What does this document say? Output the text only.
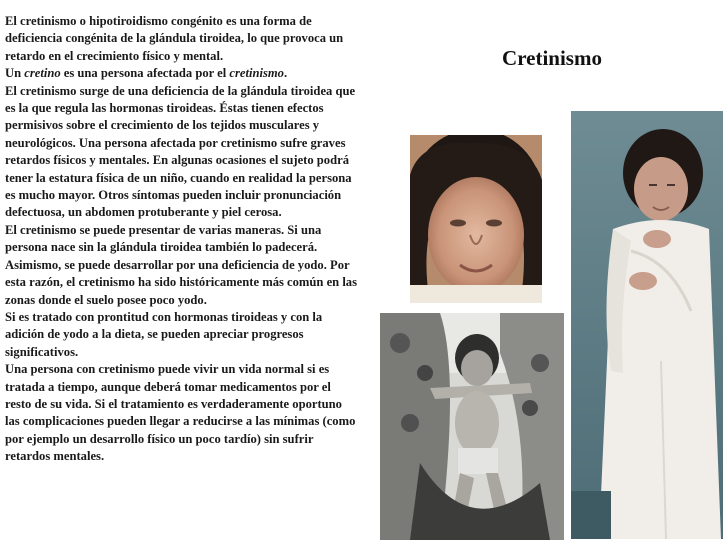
El cretinismo o hipotiroidismo congénito es una forma de deficiencia congénita de la glándula tiroidea, lo que provoca un retardo en el crecimiento físico y mental.

Un cretino es una persona afectada por el cretinismo.

El cretinismo surge de una deficiencia de la glándula tiroidea que es la que regula las hormonas tiroideas. Éstas tienen efectos permisivos sobre el crecimiento de los tejidos musculares y neurológicos. Una persona afectada por cretinismo sufre graves retardos físicos y mentales. En algunas ocasiones el sujeto podrá tener la estatura física de un niño, cuando en realidad la persona es mucho mayor. Otros síntomas pueden incluir pronunciación defectuosa, un abdomen protuberante y piel cerosa.

El cretinismo se puede presentar de varias maneras. Si una persona nace sin la glándula tiroidea también lo padecerá. Asimismo, se puede desarrollar por una deficiencia de yodo. Por esta razón, el cretinismo ha sido históricamente más común en las zonas donde el suelo posee poco yodo.

Si es tratado con prontitud con hormonas tiroideas y con la adición de yodo a la dieta, se pueden apreciar progresos significativos.

Una persona con cretinismo puede vivir un vida normal si es tratada a tiempo, aunque deberá tomar medicamentos por el resto de su vida. Si el tratamiento es verdaderamente oportuno las complicaciones pueden llegar a reducirse a las mínimas (como por ejemplo un desarrollo físico un poco tardío) sin sufrir retardos mentales.

Cretinismo
